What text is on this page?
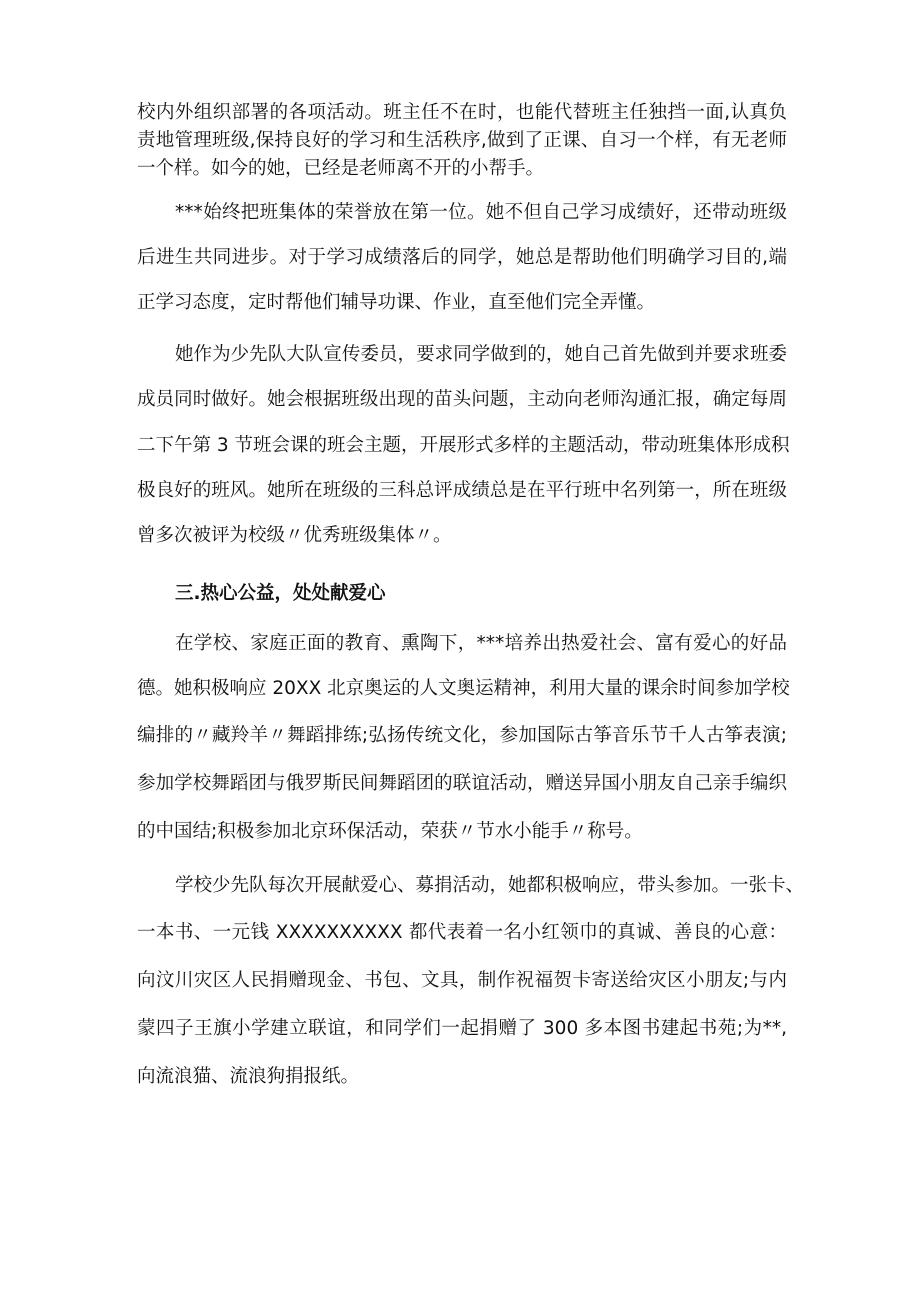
校内外组织部署的各项活动。班主任不在时，也能代替班主任独挡一面,认真负
责地管理班级,保持良好的学习和生活秩序,做到了正课、自习一个样，有无老师
一个样。如今的她，已经是老师离不开的小帮手。
***始终把班集体的荣誉放在第一位。她不但自己学习成绩好，还带动班级
后进生共同进步。对于学习成绩落后的同学，她总是帮助他们明确学习目的,端
正学习态度，定时帮他们辅导功课、作业，直至他们完全弄懂。
她作为少先队大队宣传委员，要求同学做到的，她自己首先做到并要求班委
成员同时做好。她会根据班级出现的苗头问题，主动向老师沟通汇报，确定每周
二下午第 3 节班会课的班会主题，开展形式多样的主题活动，带动班集体形成积
极良好的班风。她所在班级的三科总评成绩总是在平行班中名列第一，所在班级
曾多次被评为校级〃优秀班级集体〃。
三.热心公益，处处献爱心
在学校、家庭正面的教育、熏陶下，***培养出热爱社会、富有爱心的好品
德。她积极响应 20XX 北京奥运的人文奥运精神，利用大量的课余时间参加学校
编排的〃藏羚羊〃舞蹈排练;弘扬传统文化，参加国际古筝音乐节千人古筝表演;
参加学校舞蹈团与俄罗斯民间舞蹈团的联谊活动，赠送异国小朋友自己亲手编织
的中国结;积极参加北京环保活动，荣获〃节水小能手〃称号。
学校少先队每次开展献爱心、募捐活动，她都积极响应，带头参加。一张卡、
一本书、一元钱 XXXXXXXXXX 都代表着一名小红领巾的真诚、善良的心意：
向汶川灾区人民捐赠现金、书包、文具，制作祝福贺卡寄送给灾区小朋友;与内
蒙四子王旗小学建立联谊，和同学们一起捐赠了 300 多本图书建起书苑;为**,
向流浪猫、流浪狗捐报纸。
